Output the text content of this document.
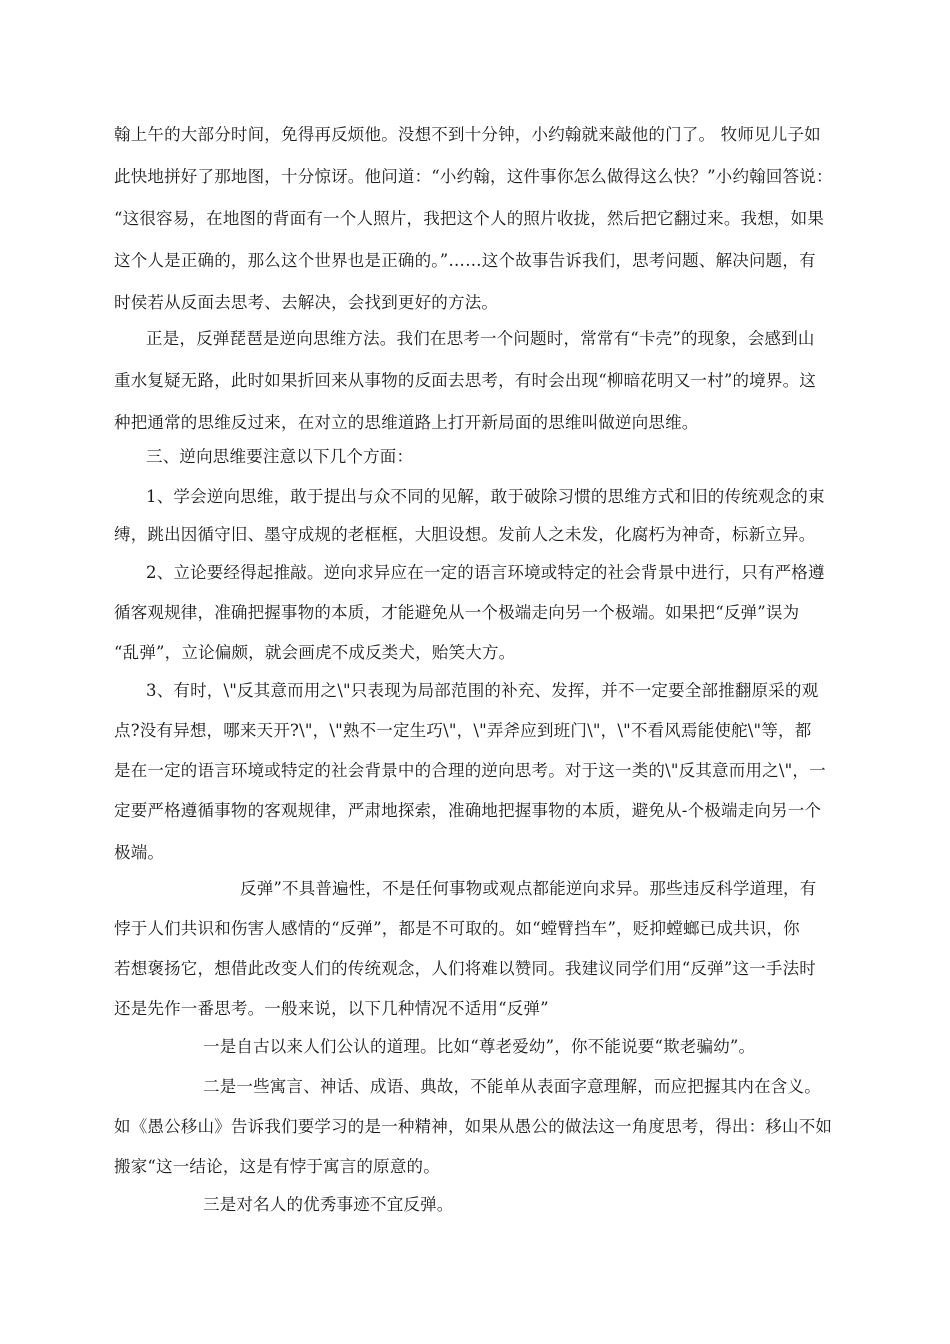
翰上午的大部分时间，免得再反烦他。没想不到十分钟，小约翰就来敲他的门了。 牧师见儿子如
此快地拼好了那地图，十分惊讶。他问道：“小约翰，这件事你怎么做得这么快？”小约翰回答说：
“这很容易，在地图的背面有一个人照片，我把这个人的照片收拢，然后把它翻过来。我想，如果
这个人是正确的，那么这个世界也是正确的。”……这个故事告诉我们，思考问题、解决问题，有
时侯若从反面去思考、去解决，会找到更好的方法。
正是，反弹琵琶是逆向思维方法。我们在思考一个问题时，常常有“卡壳”的现象，会感到山
重水复疑无路，此时如果折回来从事物的反面去思考，有时会出现“柳暗花明又一村”的境界。这
种把通常的思维反过来，在对立的思维道路上打开新局面的思维叫做逆向思维。
三、逆向思维要注意以下几个方面：
1、学会逆向思维，敢于提出与众不同的见解，敢于破除习惯的思维方式和旧的传统观念的束
缚，跳出因循守旧、墨守成规的老框框，大胆设想。发前人之未发，化腐朽为神奇，标新立异。
2、立论要经得起推敲。逆向求异应在一定的语言环境或特定的社会背景中进行，只有严格遵
循客观规律，准确把握事物的本质，才能避免从一个极端走向另一个极端。如果把“反弹”误为
“乱弹”，立论偏颇，就会画虎不成反类犬，贻笑大方。
3、有时，\"反其意而用之\"只表现为局部范围的补充、发挥，并不一定要全部推翻原采的观
点?没有异想，哪来天开?\"，\"熟不一定生巧\"，\"弄斧应到班门\"，\"不看风焉能使舵\"等，都
是在一定的语言环境或特定的社会背景中的合理的逆向思考。对于这一类的\"反其意而用之\"，一
定要严格遵循事物的客观规律，严肃地探索，准确地把握事物的本质，避免从-个极端走向另一个
极端。
反弹”不具普遍性，不是任何事物或观点都能逆向求异。那些违反科学道理，有
悖于人们共识和伤害人感情的“反弹”，都是不可取的。如“螳臂挡车”，贬抑螳螂已成共识，你
若想褒扬它，想借此改变人们的传统观念，人们将难以赞同。我建议同学们用“反弹”这一手法时
还是先作一番思考。一般来说，以下几种情况不适用“反弹”
一是自古以来人们公认的道理。比如“尊老爱幼”，你不能说要“欺老骗幼”。
二是一些寓言、神话、成语、典故，不能单从表面字意理解，而应把握其内在含义。
如《愚公移山》告诉我们要学习的是一种精神，如果从愚公的做法这一角度思考，得出：移山不如
搬家“这一结论，这是有悖于寓言的原意的。
三是对名人的优秀事迹不宜反弹。
